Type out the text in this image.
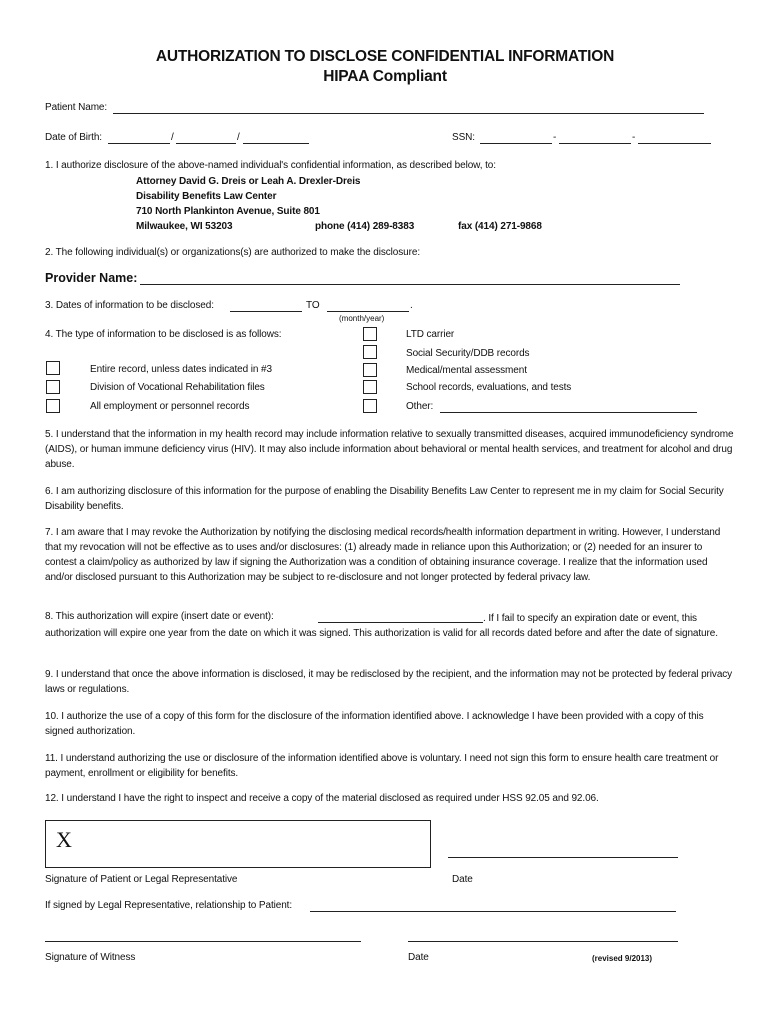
AUTHORIZATION TO DISCLOSE CONFIDENTIAL INFORMATION
HIPAA Compliant
Patient Name:
Date of Birth:	/	/	SSN:	-	-
1. I authorize disclosure of the above-named individual's confidential information, as described below, to:
Attorney David G. Dreis or Leah A. Drexler-Dreis
Disability Benefits Law Center
710 North Plankinton Avenue, Suite 801
Milwaukee, WI 53203	phone (414) 289-8383	fax (414) 271-9868
2. The following individual(s) or organizations(s) are authorized to make the disclosure:
Provider Name:
3. Dates of information to be disclosed:	TO	.
(month/year)
4. The type of information to be disclosed is as follows:
Entire record, unless dates indicated in #3
Division of Vocational Rehabilitation files
All employment or personnel records
LTD carrier
Social Security/DDB records
Medical/mental assessment
School records, evaluations, and tests
Other:
5. I understand that the information in my health record may include information relative to sexually transmitted diseases, acquired immunodeficiency syndrome (AIDS), or human immune deficiency virus (HIV). It may also include information about behavioral or mental health services, and treatment for alcohol and drug abuse.
6. I am authorizing disclosure of this information for the purpose of enabling the Disability Benefits Law Center to represent me in my claim for Social Security Disability benefits.
7. I am aware that I may revoke the Authorization by notifying the disclosing medical records/health information department in writing. However, I understand that my revocation will not be effective as to uses and/or disclosures: (1) already made in reliance upon this Authorization; or (2) needed for an insurer to contest a claim/policy as authorized by law if signing the Authorization was a condition of obtaining insurance coverage. I realize that the information used and/or disclosed pursuant to this Authorization may be subject to re-disclosure and not longer protected by federal privacy law.
8. This authorization will expire (insert date or event):	. If I fail to specify an expiration date or event, this authorization will expire one year from the date on which it was signed. This authorization is valid for all records dated before and after the date of signature.
9. I understand that once the above information is disclosed, it may be redisclosed by the recipient, and the information may not be protected by federal privacy laws or regulations.
10. I authorize the use of a copy of this form for the disclosure of the information identified above. I acknowledge I have been provided with a copy of this signed authorization.
11. I understand authorizing the use or disclosure of the information identified above is voluntary. I need not sign this form to ensure health care treatment or payment, enrollment or eligibility for benefits.
12. I understand I have the right to inspect and receive a copy of the material disclosed as required under HSS 92.05 and 92.06.
X
Signature of Patient or Legal Representative	Date
If signed by Legal Representative, relationship to Patient:
Signature of Witness	Date	(revised 9/2013)
